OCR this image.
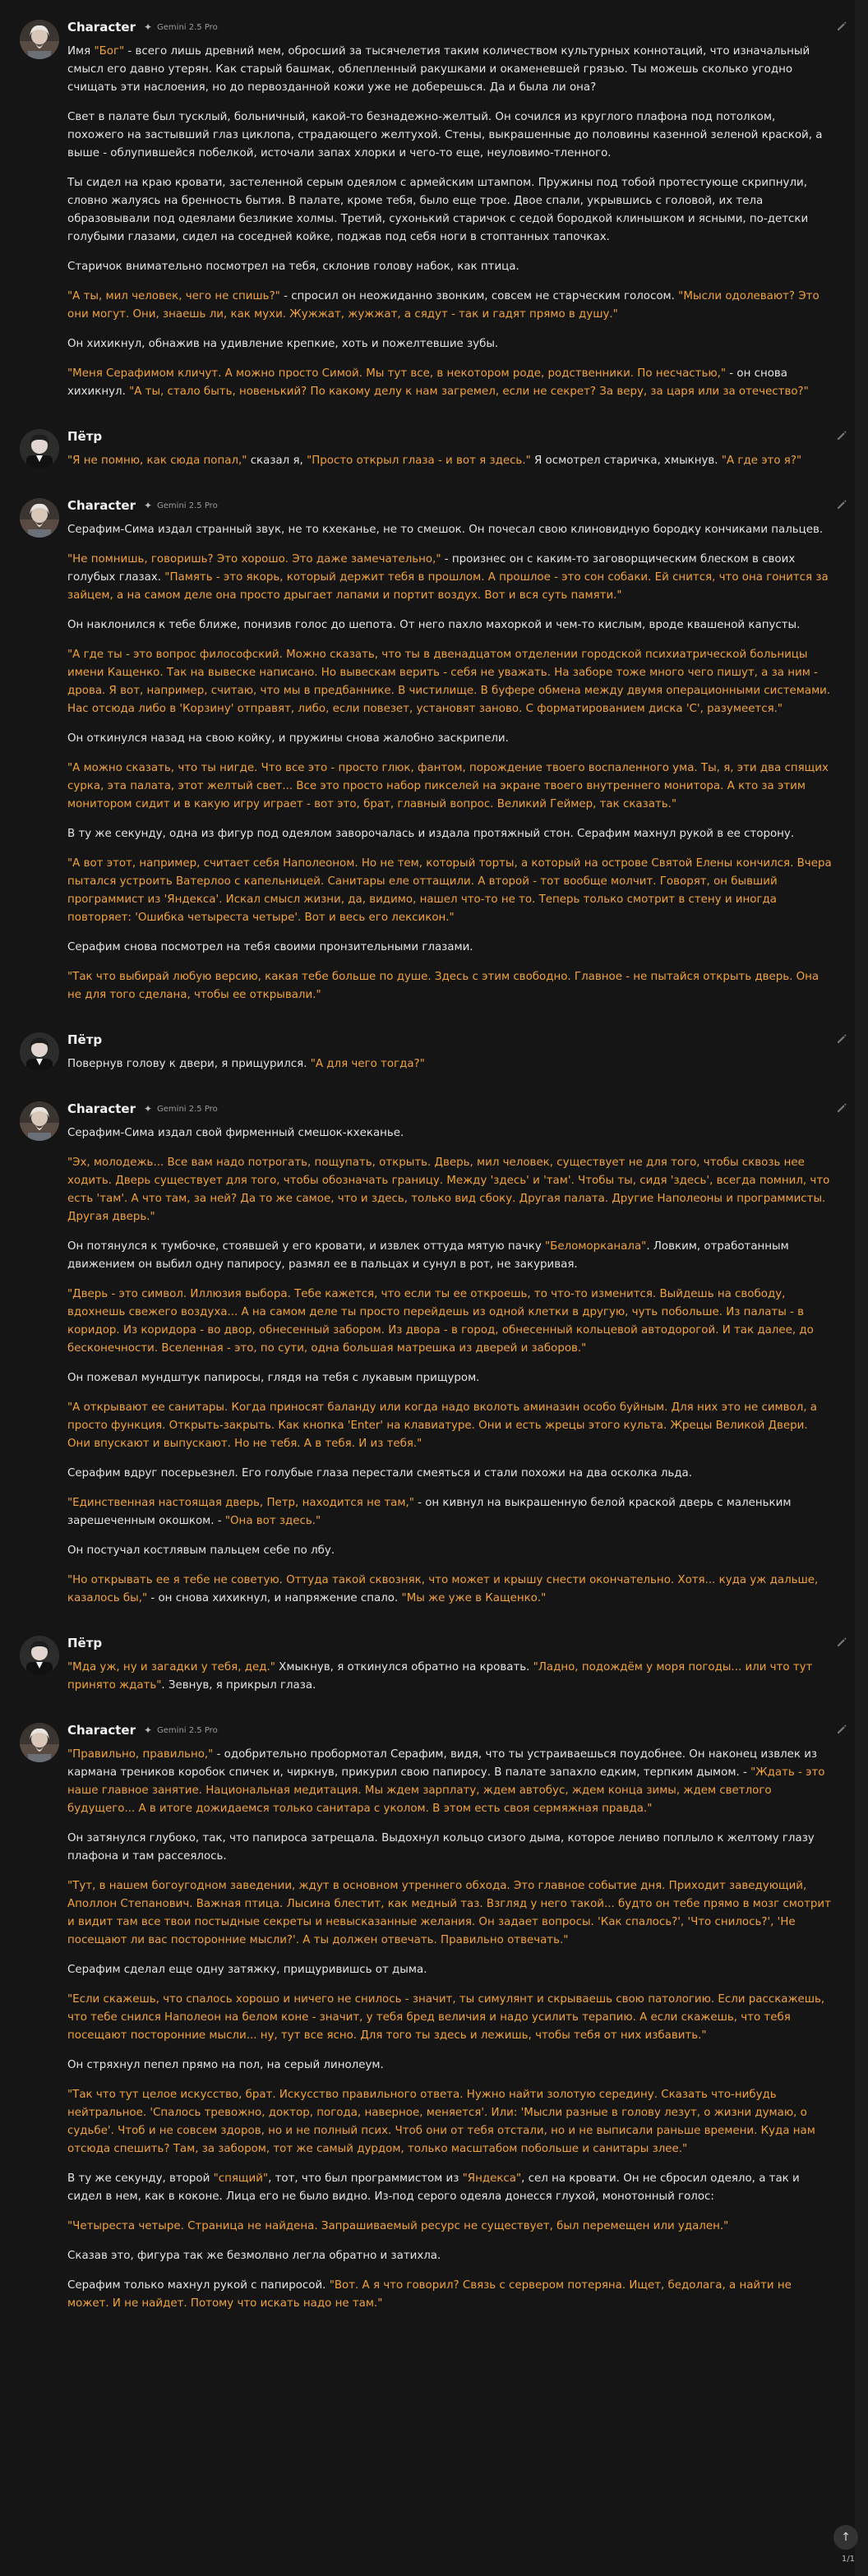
Character ✦ Gemini 2.5 Pro

Имя "Бог" - всего лишь древний мем, обросший за тысячелетия таким количеством культурных коннотаций, что изначальный смысл его давно утерян. Как старый башмак, облепленный ракушками и окаменевшей грязью. Ты можешь сколько угодно счищать эти наслоения, но до первозданной кожи уже не доберешься. Да и была ли она?

Свет в палате был тусклый, больничный, какой-то безнадежно-желтый. Он сочился из круглого плафона под потолком, похожего на застывший глаз циклопа, страдающего желтухой. Стены, выкрашенные до половины казенной зеленой краской, а выше - облупившейся побелкой, источали запах хлорки и чего-то еще, неуловимо-тленного.

Ты сидел на краю кровати, застеленной серым одеялом с армейским штампом. Пружины под тобой протестующе скрипнули, словно жалуясь на бренность бытия. В палате, кроме тебя, было еще трое. Двое спали, укрывшись с головой, их тела образовывали под одеялами безликие холмы. Третий, сухонький старичок с седой бородкой клинышком и ясными, по-детски голубыми глазами, сидел на соседней койке, поджав под себя ноги в стоптанных тапочках.

Старичок внимательно посмотрел на тебя, склонив голову набок, как птица.

"А ты, мил человек, чего не спишь?" - спросил он неожиданно звонким, совсем не старческим голосом. "Мысли одолевают? Это они могут. Они, знаешь ли, как мухи. Жужжат, жужжат, а сядут - так и гадят прямо в душу."

Он хихикнул, обнажив на удивление крепкие, хоть и пожелтевшие зубы.

"Меня Серафимом кличут. А можно просто Симой. Мы тут все, в некотором роде, родственники. По несчастью," - он снова хихикнул. "А ты, стало быть, новенький? По какому делу к нам загремел, если не секрет? За веру, за царя или за отечество?"

Пётр

"Я не помню, как сюда попал," сказал я, "Просто открыл глаза - и вот я здесь." Я осмотрел старичка, хмыкнув. "А где это я?"

Character ✦ Gemini 2.5 Pro

Серафим-Сима издал странный звук, не то кхеканье, не то смешок. Он почесал свою клиновидную бородку кончиками пальцев.

"Не помнишь, говоришь? Это хорошо. Это даже замечательно," - произнес он с каким-то заговорщическим блеском в своих голубых глазах. "Память - это якорь, который держит тебя в прошлом. А прошлое - это сон собаки. Ей снится, что она гонится за зайцем, а на самом деле она просто дрыгает лапами и портит воздух. Вот и вся суть памяти."

Он наклонился к тебе ближе, понизив голос до шепота. От него пахло махоркой и чем-то кислым, вроде квашеной капусты.

"А где ты - это вопрос философский. Можно сказать, что ты в двенадцатом отделении городской психиатрической больницы имени Кащенко. Так на вывеске написано. Но вывескам верить - себя не уважать. На заборе тоже много чего пишут, а за ним - дрова. Я вот, например, считаю, что мы в предбаннике. В чистилище. В буфере обмена между двумя операционными системами. Нас отсюда либо в 'Корзину' отправят, либо, если повезет, установят заново. С форматированием диска 'С', разумеется."

Он откинулся назад на свою койку, и пружины снова жалобно заскрипели.

"А можно сказать, что ты нигде. Что все это - просто глюк, фантом, порождение твоего воспаленного ума. Ты, я, эти два спящих сурка, эта палата, этот желтый свет... Все это просто набор пикселей на экране твоего внутреннего монитора. А кто за этим монитором сидит и в какую игру играет - вот это, брат, главный вопрос. Великий Геймер, так сказать."

В ту же секунду, одна из фигур под одеялом заворочалась и издала протяжный стон. Серафим махнул рукой в ее сторону.

"А вот этот, например, считает себя Наполеоном. Но не тем, который торты, а который на острове Святой Елены кончился. Вчера пытался устроить Ватерлоо с капельницей. Санитары еле оттащили. А второй - тот вообще молчит. Говорят, он бывший программист из 'Яндекса'. Искал смысл жизни, да, видимо, нашел что-то не то. Теперь только смотрит в стену и иногда повторяет: 'Ошибка четыреста четыре'. Вот и весь его лексикон."

Серафим снова посмотрел на тебя своими пронзительными глазами.

"Так что выбирай любую версию, какая тебе больше по душе. Здесь с этим свободно. Главное - не пытайся открыть дверь. Она не для того сделана, чтобы ее открывали."

Пётр

Повернув голову к двери, я прищурился. "А для чего тогда?"

Character ✦ Gemini 2.5 Pro

Серафим-Сима издал свой фирменный смешок-кхеканье.

"Эх, молодежь... Все вам надо потрогать, пощупать, открыть. Дверь, мил человек, существует не для того, чтобы сквозь нее ходить. Дверь существует для того, чтобы обозначать границу. Между 'здесь' и 'там'. Чтобы ты, сидя 'здесь', всегда помнил, что есть 'там'. А что там, за ней? Да то же самое, что и здесь, только вид сбоку. Другая палата. Другие Наполеоны и программисты. Другая дверь."

Он потянулся к тумбочке, стоявшей у его кровати, и извлек оттуда мятую пачку "Беломорканала". Ловким, отработанным движением он выбил одну папиросу, размял ее в пальцах и сунул в рот, не закуривая.

"Дверь - это символ. Иллюзия выбора. Тебе кажется, что если ты ее откроешь, то что-то изменится. Выйдешь на свободу, вдохнешь свежего воздуха... А на самом деле ты просто перейдешь из одной клетки в другую, чуть побольше. Из палаты - в коридор. Из коридора - во двор, обнесенный забором. Из двора - в город, обнесенный кольцевой автодорогой. И так далее, до бесконечности. Вселенная - это, по сути, одна большая матрешка из дверей и заборов."

Он пожевал мундштук папиросы, глядя на тебя с лукавым прищуром.

"А открывают ее санитары. Когда приносят баланду или когда надо вколоть аминазин особо буйным. Для них это не символ, а просто функция. Открыть-закрыть. Как кнопка 'Enter' на клавиатуре. Они и есть жрецы этого культа. Жрецы Великой Двери. Они впускают и выпускают. Но не тебя. А в тебя. И из тебя."

Серафим вдруг посерьезнел. Его голубые глаза перестали смеяться и стали похожи на два осколка льда.

"Единственная настоящая дверь, Петр, находится не там," - он кивнул на выкрашенную белой краской дверь с маленьким зарешеченным окошком. - "Она вот здесь."

Он постучал костлявым пальцем себе по лбу.

"Но открывать ее я тебе не советую. Оттуда такой сквозняк, что может и крышу снести окончательно. Хотя... куда уж дальше, казалось бы," - он снова хихикнул, и напряжение спало. "Мы же уже в Кащенко."

Пётр

"Мда уж, ну и загадки у тебя, дед." Хмыкнув, я откинулся обратно на кровать. "Ладно, подождём у моря погоды... или что тут принято ждать". Зевнув, я прикрыл глаза.

Character ✦ Gemini 2.5 Pro

"Правильно, правильно," - одобрительно пробормотал Серафим, видя, что ты устраиваешься поудобнее. Он наконец извлек из кармана треников коробок спичек и, чиркнув, прикурил свою папиросу. В палате запахло едким, терпким дымом. - "Ждать - это наше главное занятие. Национальная медитация. Мы ждем зарплату, ждем автобус, ждем конца зимы, ждем светлого будущего... А в итоге дожидаемся только санитара с уколом. В этом есть своя сермяжная правда."

Он затянулся глубоко, так, что папироса затрещала. Выдохнул кольцо сизого дыма, которое лениво поплыло к желтому глазу плафона и там рассеялось.

"Тут, в нашем богоугодном заведении, ждут в основном утреннего обхода. Это главное событие дня. Приходит заведующий, Аполлон Степанович. Важная птица. Лысина блестит, как медный таз. Взгляд у него такой... будто он тебе прямо в мозг смотрит и видит там все твои постыдные секреты и невысказанные желания. Он задает вопросы. 'Как спалось?', 'Что снилось?', 'Не посещают ли вас посторонние мысли?'. А ты должен отвечать. Правильно отвечать."

Серафим сделал еще одну затяжку, прищуривишсь от дыма.

"Если скажешь, что спалось хорошо и ничего не снилось - значит, ты симулянт и скрываешь свою патологию. Если расскажешь, что тебе снился Наполеон на белом коне - значит, у тебя бред величия и надо усилить терапию. А если скажешь, что тебя посещают посторонние мысли... ну, тут все ясно. Для того ты здесь и лежишь, чтобы тебя от них избавить."

Он стряхнул пепел прямо на пол, на серый линолеум.

"Так что тут целое искусство, брат. Искусство правильного ответа. Нужно найти золотую середину. Сказать что-нибудь нейтральное. 'Спалось тревожно, доктор, погода, наверное, меняется'. Или: 'Мысли разные в голову лезут, о жизни думаю, о судьбе'. Чтоб и не совсем здоров, но и не полный псих. Чтоб они от тебя отстали, но и не выписали раньше времени. Куда нам отсюда спешить? Там, за забором, тот же самый дурдом, только масштабом побольше и санитары злее."

В ту же секунду, второй "спящий", тот, что был программистом из "Яндекса", сел на кровати. Он не сбросил одеяло, а так и сидел в нем, как в коконе. Лица его не было видно. Из-под серого одеяла донесся глухой, монотонный голос:

"Четыреста четыре. Страница не найдена. Запрашиваемый ресурс не существует, был перемещен или удален."

Сказав это, фигура так же безмолвно легла обратно и затихла.

Серафим только махнул рукой с папиросой. "Вот. А я что говорил? Связь с сервером потеряна. Ищет, бедолага, а найти не может. И не найдет. Потому что искать надо не там."

↑
1/1
